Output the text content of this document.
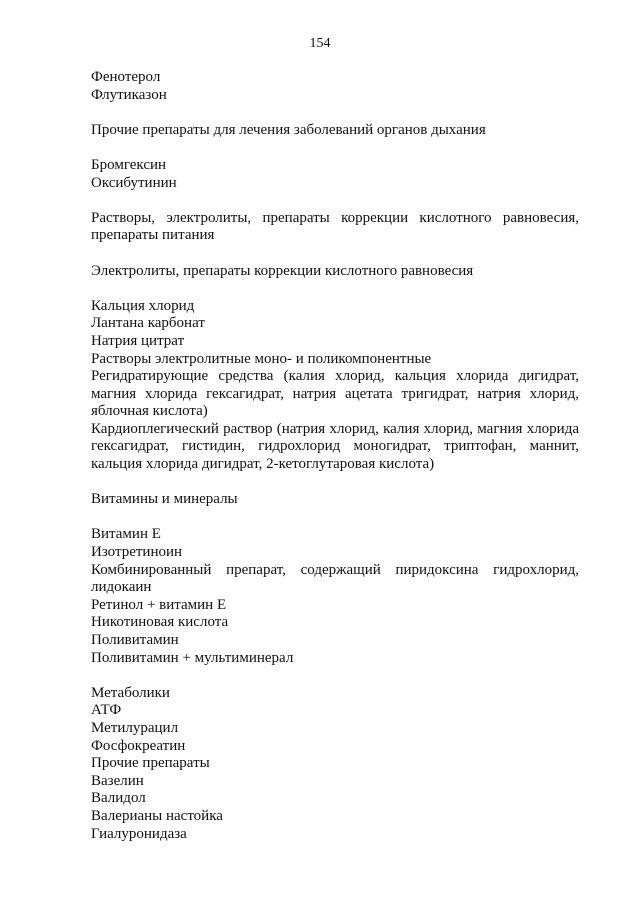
154
Фенотерол
Флутиказон
Прочие препараты для лечения заболеваний органов дыхания
Бромгексин
Оксибутинин
Растворы, электролиты, препараты коррекции кислотного равновесия, препараты питания
Электролиты, препараты коррекции кислотного равновесия
Кальция хлорид
Лантана карбонат
Натрия цитрат
Растворы электролитные моно- и поликомпонентные
Регидратирующие средства (калия хлорид, кальция хлорида дигидрат, магния хлорида гексагидрат, натрия ацетата тригидрат, натрия хлорид, яблочная кислота)
Кардиоплегический раствор (натрия хлорид, калия хлорид, магния хлорида гексагидрат, гистидин, гидрохлорид моногидрат, триптофан, маннит, кальция хлорида дигидрат, 2-кетоглутаровая кислота)
Витамины и минералы
Витамин Е
Изотретиноин
Комбинированный препарат, содержащий пиридоксина гидрохлорид, лидокаин
Ретинол + витамин Е
Никотиновая кислота
Поливитамин
Поливитамин + мультиминерал
Метаболики
АТФ
Метилурацил
Фосфокреатин
Прочие препараты
Вазелин
Валидол
Валерианы настойка
Гиалуронидаза
